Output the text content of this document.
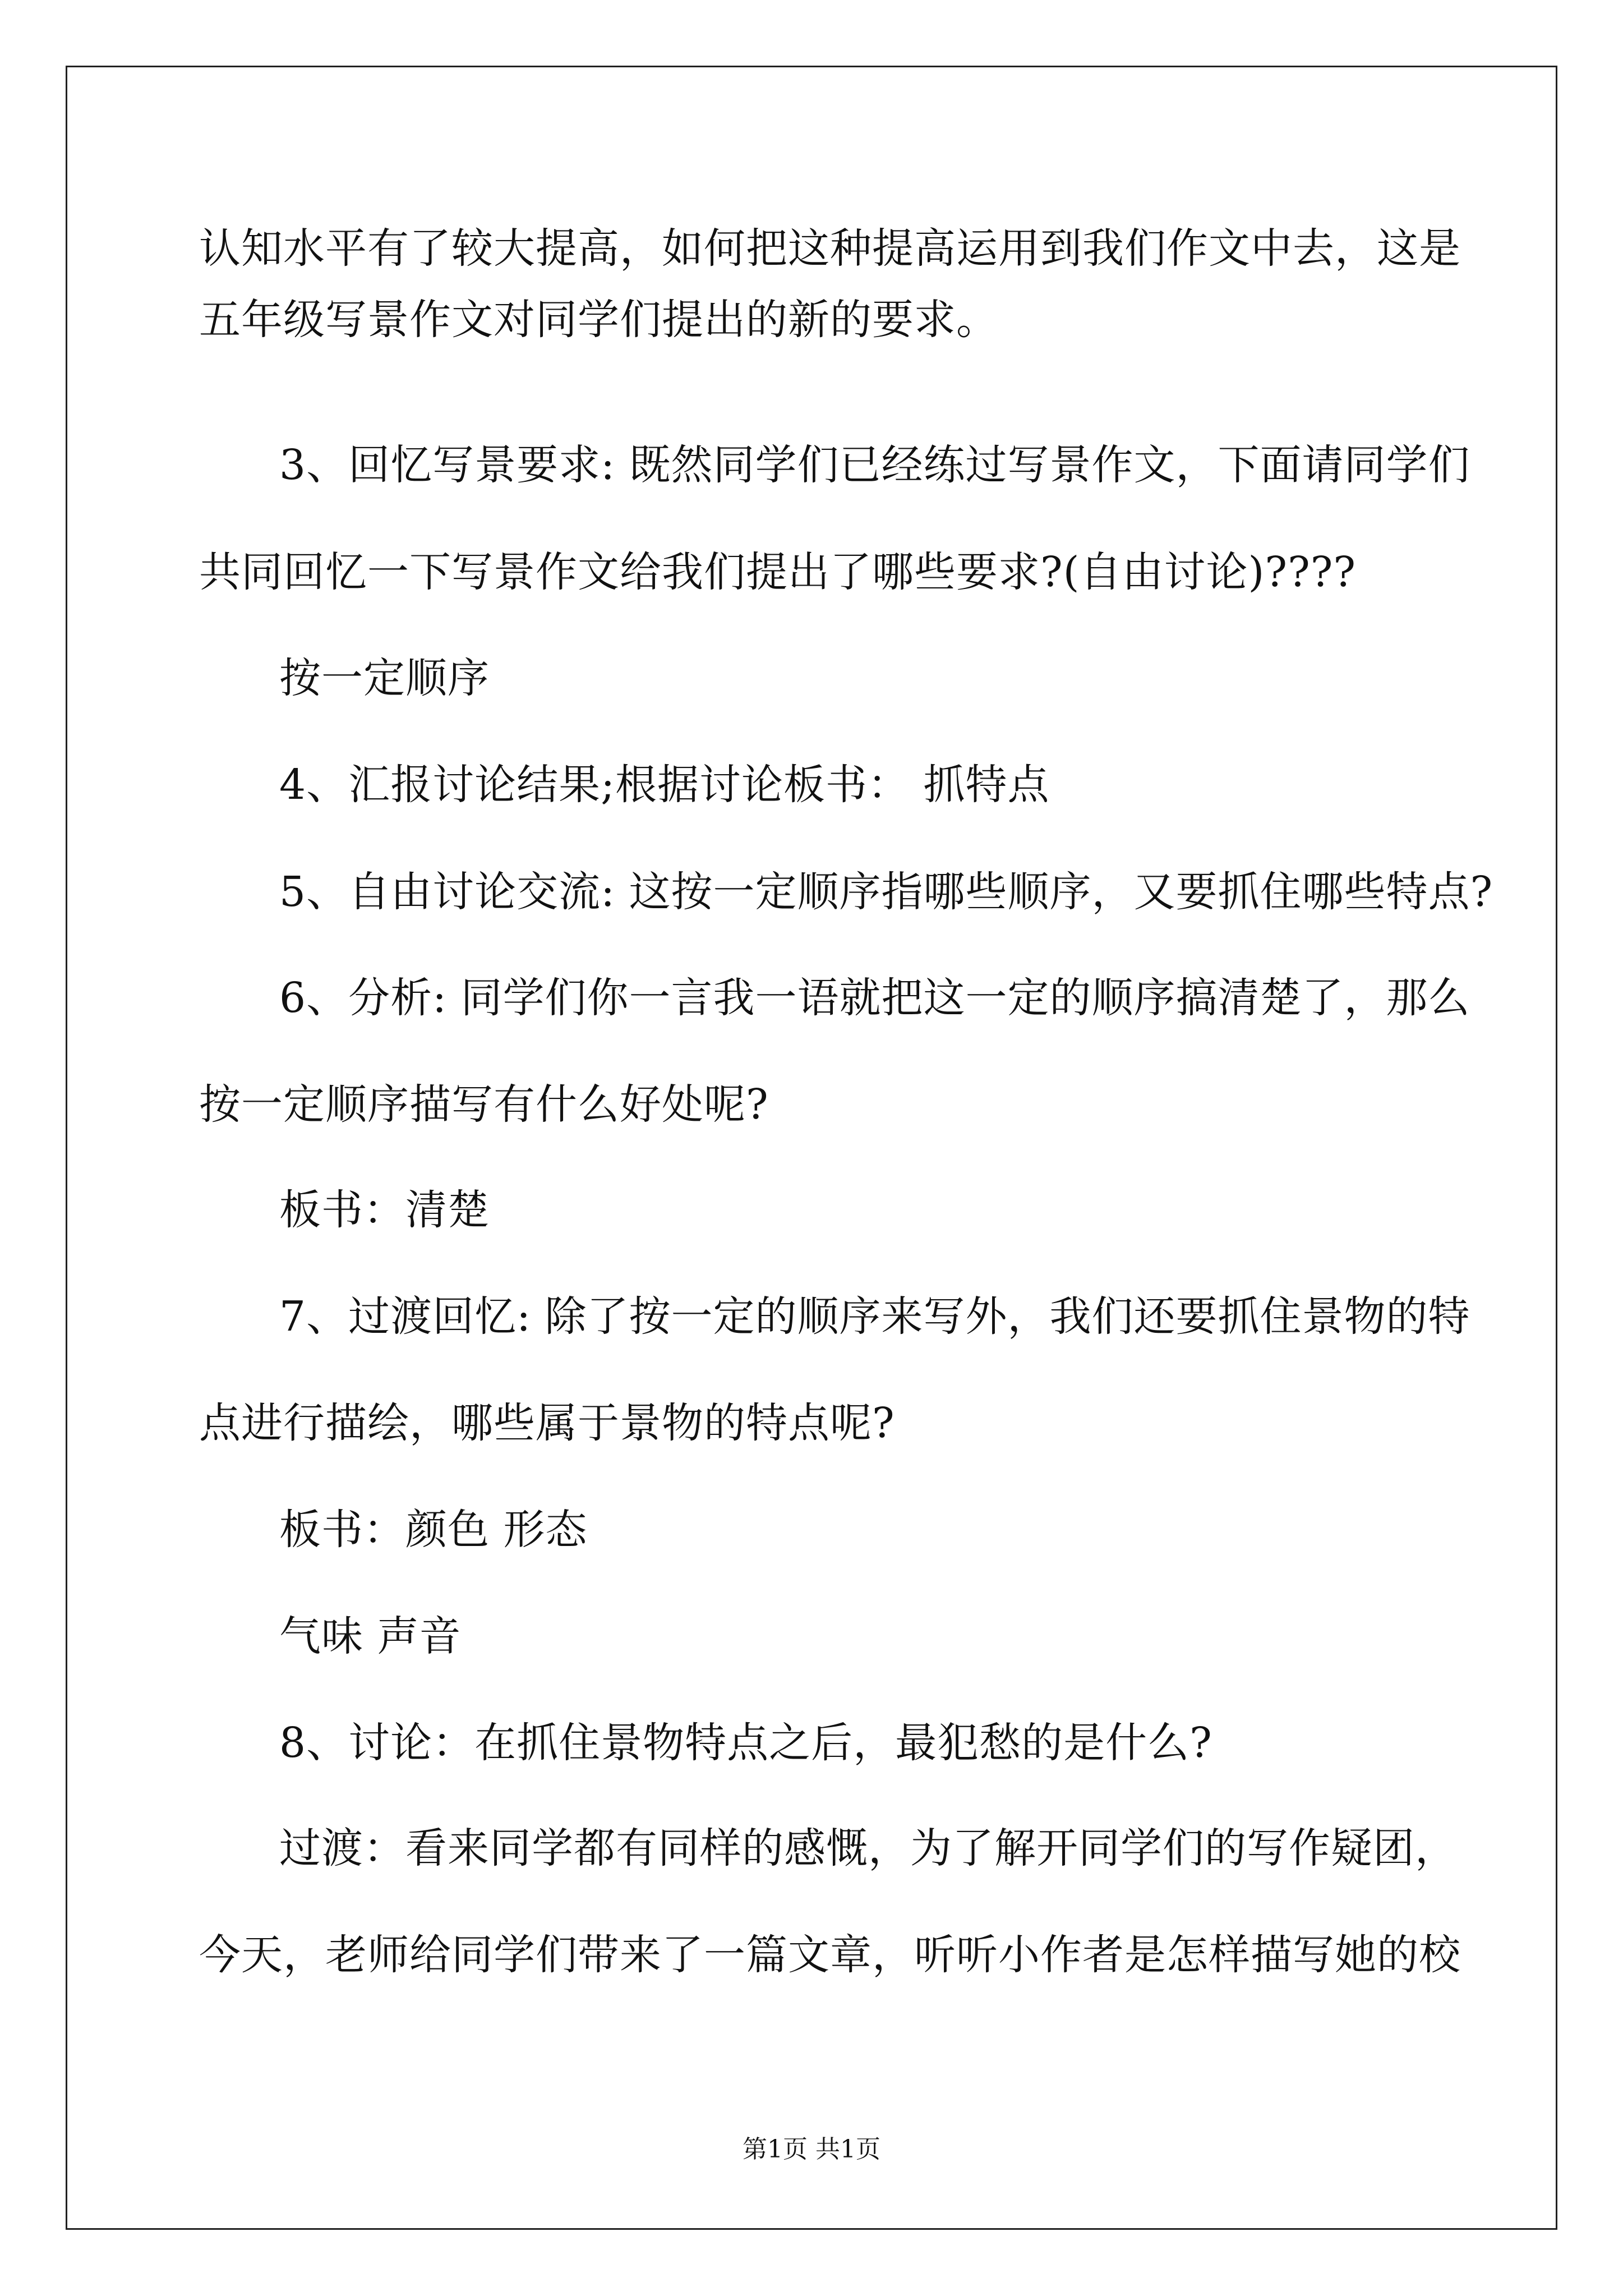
认知水平有了较大提高，如何把这种提高运用到我们作文中去，这是
五年级写景作文对同学们提出的新的要求。
3、回忆写景要求: 既然同学们已经练过写景作文，下面请同学们
共同回忆一下写景作文给我们提出了哪些要求?(自由讨论)????
按一定顺序
4、汇报讨论结果;根据讨论板书： 抓特点
5、自由讨论交流: 这按一定顺序指哪些顺序，又要抓住哪些特点?
6、分析: 同学们你一言我一语就把这一定的顺序搞清楚了，那么
按一定顺序描写有什么好处呢?
板书：清楚
7、过渡回忆: 除了按一定的顺序来写外，我们还要抓住景物的特
点进行描绘，哪些属于景物的特点呢?
板书：颜色 形态
气味 声音
8、讨论：在抓住景物特点之后，最犯愁的是什么?
过渡：看来同学都有同样的感慨，为了解开同学们的写作疑团，
今天，老师给同学们带来了一篇文章，听听小作者是怎样描写她的校
第1页 共1页
